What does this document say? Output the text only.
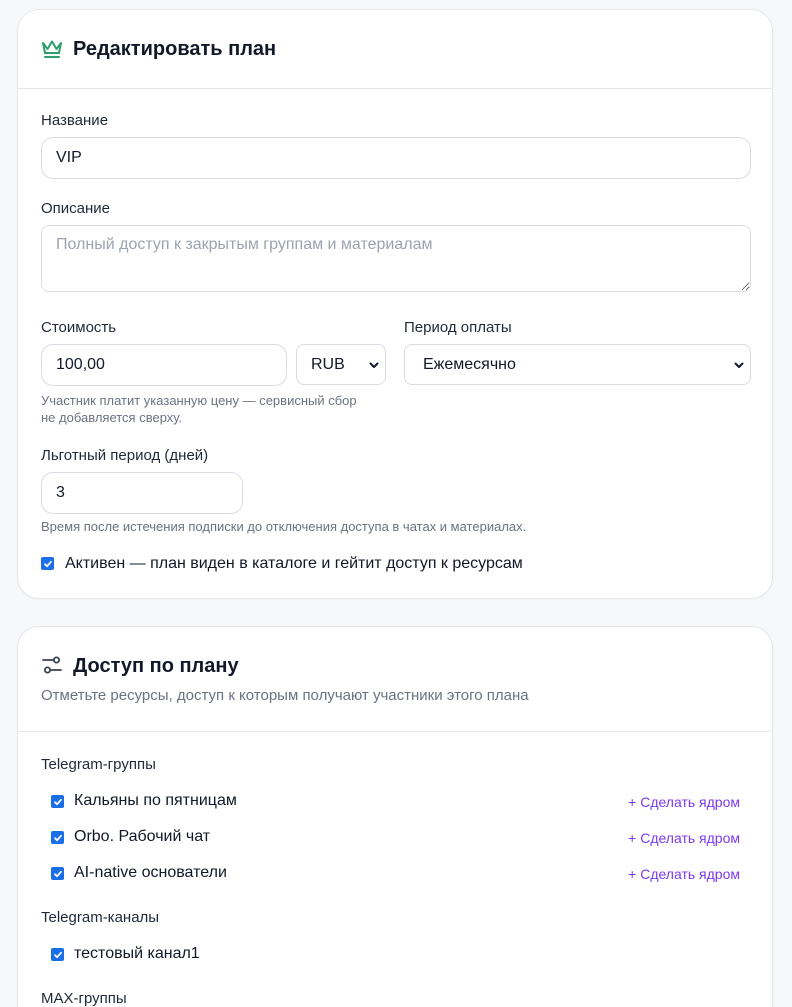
Редактировать план
Название
VIP
Описание
Полный доступ к закрытым группам и материалам
Стоимость
100,00
RUB
Участник платит указанную цену — сервисный сбор не добавляется сверху.
Период оплаты
Ежемесячно
Льготный период (дней)
3
Время после истечения подписки до отключения доступа в чатах и материалах.
Активен — план виден в каталоге и гейтит доступ к ресурсам
Доступ по плану
Отметьте ресурсы, доступ к которым получают участники этого плана
Telegram-группы
Кальяны по пятницам	+ Сделать ядром
Orbo. Рабочий чат	+ Сделать ядром
AI-native основатели	+ Сделать ядром
Telegram-каналы
тестовый канал1
MAX-группы
